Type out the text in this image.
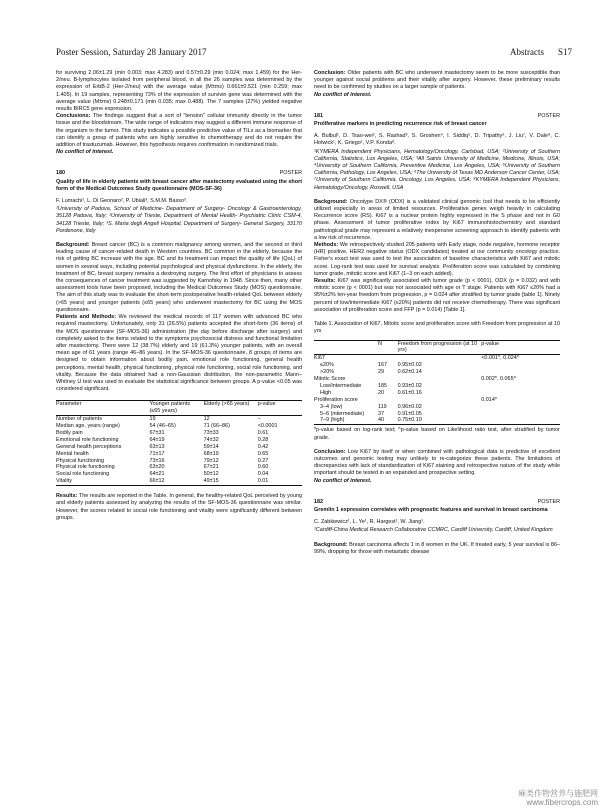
Poster Session, Saturday 28 January 2017	Abstracts S17

for surviving 2.06±1.29 (min 0.003; max 4.283) and 0.57±0.29 (min 0.024; max 1.459) for the Her-2/neu. B-lymphocytes isolated from peripheral blood, in all the 26 samples was determined by the expression of ErbB-2 (Her-2/neu) with the average value (M±ms) 0.661±0.521 (min 0.259; max 1.405). In 19 samples, representing 73% of the expression of survivin gene was determined with the average value (M±ms) 0.248±0.171 (min 0.035; max 0.488). The 7 samples (27%) yielded negative results BIRC5 gene expression.

Conclusions: The findings suggest that a sort of "tension" cellular immunity directly in the tumor tissue and the bloodstream. The wide range of indicators may suggest a different immune response of the organism to the tumor. This study indicates a possible predictive value of TILs as a biomarker that can identify a group of patients who are highly sensitive to chemotherapy and do not require the addition of trastuzumab. However, this hypothesis requires confirmation in randomized trials.

No conflict of interest.

180	POSTER

Quality of life in elderly patients with breast cancer after mastectomy evaluated using the short form of the Medical Outcomes Study questionnaire (MOS-SF-36)

F. Lumachi¹, L. Di Gennaro², P. Ubiali³, S.M.M. Basso³.

¹University of Padova, School of Medicine- Department of Surgery- Oncology & Gastroenterology, 35128 Padova, Italy; ²University of Trieste, Department of Mental Health- Psychiatric Clinic CSM-4, 34128 Trieste, Italy; ³S. Maria degli Angeli Hospital, Department of Surgery- General Surgery, 33170 Pordenone, Italy

Background: Breast cancer (BC) is a common malignancy among women, and the second or third leading cause of cancer-related death in Western countries. BC common in the elderly, because the risk of getting BC increase with the age. BC and its treatment can impact the quality of life (QoL) of women in several ways, including potential psychological and physical dysfunctions. In the elderly, the treatment of BC, breast surgery remains a destroying surgery. The first effort of physicians to assess the consequences of cancer treatment was suggested by Karnofsky in 1948. Since then, many other assessment tools have been proposed, including the Medical Outcomes Study (MOS) questionnaire. The aim of this study was to evaluate the short-term postoperative health-related QoL between elderly (>65 years) and younger patients (≤65 years) who underwent mastectomy for BC using the MOS questionnaire.

Patients and Methods: We reviewed the medical records of 117 women with advanced BC who required mastectomy. Unfortunately, only 31 (26.5%) patients accepted the short-form (36 items) of the MOS questionnaire (SF-MOS-36) administration (the day before discharge after surgery) and completely asked to the items related to the symptoms psychosocial distress and functional limitation after mastectomy. There were 12 (38.7%) elderly and 19 (61.3%) younger patients, with an overall mean age of 61 years (range 46–86 years). In the SF-MOS-36 questionnaire, 8 groups of items are designed to obtain information about bodily pain, emotional role functioning, general health perceptions, mental health, physical functioning, physical role functioning, social role functioning, and vitality. Because the data obtained had a non-Gaussian distribution, the non-parametric Mann–Whitney U test was used to evaluate the statistical significance between groups. A p-value <0.05 was considered significant.

Parameter	Younger patients (≤65 years)	Elderly (>65 years)	p-value
Number of patients	19	12	–
Median age, years (range)	54 (46–65)	71 (66–86)	<0.0001
Bodily pain	67±31	73±33	0.61
Emotional role functioning	64±19	74±32	0.28
General health perceptions	63±13	59±14	0.42
Mental health	71±17	68±19	0.65
Physical functioning	73±16	79±12	0.27
Physical role functioning	63±20	67±21	0.60
Social role functioning	64±21	50±12	0.04
Vitality	66±12	49±15	0.01

Results: The results are reported in the Table. In general, the healthy-related QoL perceived by young and elderly patients assessed by analyzing the results of the SF-MOS-36 questionnaire was similar. However, the scores related to social role functioning and vitality were significantly different between groups.

Conclusion: Older patients with BC who underwent mastectomy seem to be more susceptible than younger against social problems and their vitality after surgery. However, these preliminary results need to be confirmed by studies on a larger sample of patients.

No conflict of interest.

181	POSTER

Proliferative markers in predicting recurrence risk of breast cancer

A. Bulbul¹, D. Tsao-wei², S. Rashad³, S. Groshen⁴, I. Siddiq⁵, D. Tripathy⁶, J. Liu⁷, V. Dale⁸, C. Hotwick¹, K. Griego¹, V.P. Konda⁸.

¹KYMERA Independent Physicians, Hematology/Oncology, Carlsbad, USA; ²University of Southern California, Statistics, Los Angeles, USA; ³All Saints University of Medicine, Medicine, Illinois, USA; ⁴University of Southern California, Preventive Medicine, Los Angeles, USA; ⁵University of Southern California, Pathology, Los Angeles, USA; ⁶The University of Texas MD Anderson Cancer Center, USA; ⁷University of Southern California, Oncology, Los Angeles, USA; ⁸KYMERA Independent Physicians, Hematology/Oncology, Roswell, USA

Background: Oncotype DX® (ODX) is a validated clinical genomic tool that needs to be efficiently utilized especially in areas of limited resources. Proliferative genes weigh heavily in calculating Recurrence score (RS). Ki67 is a nuclear protein highly expressed in the S phase and not in G0 phase. Assessment of tumor proliferative index by Ki67 immunohistochemistry and standard pathological grade may represent a relatively inexpensive screening approach to identify patients with a low risk of recurrence.

Methods: We retrospectively studied 205 patients with Early stage, node negative, hormone receptor (HR) positive, HER2 negative status (ODX candidates) treated at our community oncology practice. Fisher's exact test was used to test the association of baseline characteristics with Ki67 and mitotic score. Log-rank test was used for survival analysis. Proliferation score was calculated by combining tumor grade, mitotic score and Ki67 (1–3 on each added).

Results: Ki67 was significantly associated with tumor grade (p < 0001), ODX (p = 0.032) and with mitotic score (p < 0001) but was not associated with age or T stage. Patients with Ki67 ≤20% had a 95%±2% ten-year freedom from progression, p = 0.024 after stratified by tumor grade [table 1]. Ninety percent of low/intermediate Ki67 (≤20%) patients did not receive chemotherapy. There was significant association of proliferation score and FFP (p = 0.014) [Table 1].

Table 1. Association of Ki67, Mitotic score and proliferation score with Freedom from progression at 10 yrs

	N	Freedom from progression (at 10 yrs)	p-value
Ki67			<0.001*, 0.024^
≤20%	167	0.95±0.02	
>20%	29	0.62±0.14	
Mitotic Score			0.002*, 0.065^
Low/intermediate	185	0.93±0.02	
High	20	0.61±0.16	
Proliferation score			0.014*
3–4 (low)	119	0.96±0.02	
5–6 (intermediate)	37	0.91±0.05	
7–9 (high)	40	0.75±0.10	

*p-value based on log-rank test; ^p-value based on Likelihood ratio test, after stratified by tumor grade.

Conclusion: Low Ki67 by itself or when combined with pathological data is predictive of excellent outcomes and genomic testing may unlikely to re-categorize these patients. The limitations of discrepancies with lack of standardization of Ki67 staining and retrospective nature of the study while important should be tested in an expanded and prospective setting.

No conflict of interest.

182	POSTER

Gremlin 1 expression correlates with prognostic features and survival in breast carcinoma

C. Zabkiewicz¹, L. Ye¹, R. Hargest¹, W. Jiang¹.

¹Cardiff-China Medical Research Collaborative CCMRC, Cardiff University, Cardiff, United Kingdom

Background: Breast carcinoma affects 1 in 8 women in the UK. If treated early, 5 year survival is 86–99%, dropping for those with metastatic disease

麻类作物营养与施肥网
www.fibercrops.com
